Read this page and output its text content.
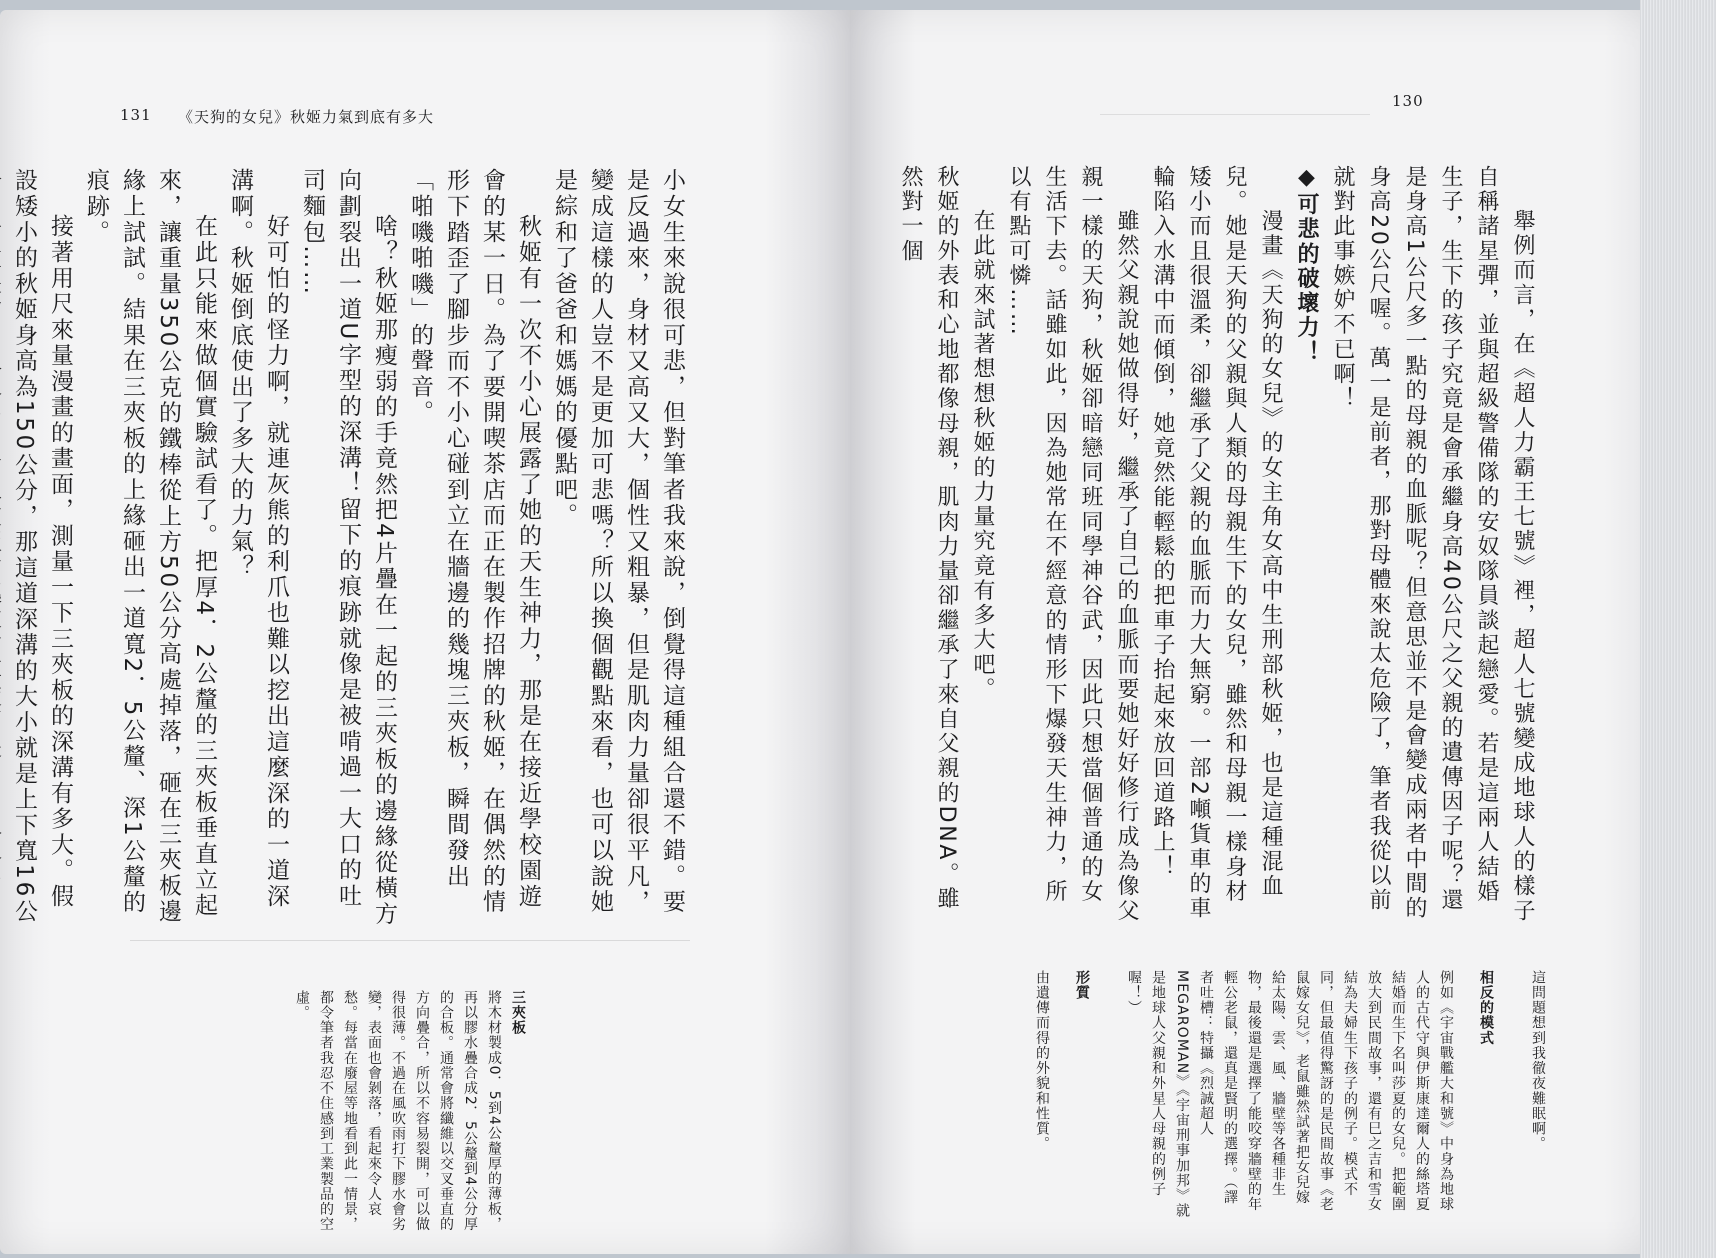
131 《天狗的女兒》秋姬力氣到底有多大

小女生來說很可悲，但對筆者我來說，倒覺得這種組合還不錯。要是反過來，身材又高又大，個性又粗暴，但是肌肉力量卻很平凡，變成這樣的人豈不是更加可悲嗎？所以換個觀點來看，也可以說她是綜和了爸爸和媽媽的優點吧。

秋姬有一次不小心展露了她的天生神力，那是在接近學校園遊會的某一日。為了要開喫茶店而正在製作招牌的秋姬，在偶然的情形下踏歪了腳步而不小心碰到立在牆邊的幾塊三夾板，瞬間發出「啪嘰啪嘰」的聲音。

啥？秋姬那瘦弱的手竟然把4片疊在一起的三夾板的邊緣從橫方向劃裂出一道U字型的深溝！留下的痕跡就像是被啃過一大口的吐司麵包……

好可怕的怪力啊，就連灰熊的利爪也難以挖出這麼深的一道深溝啊。秋姬倒底使出了多大的力氣？

在此只能來做個實驗試看了。把厚4．2公釐的三夾板垂直立起來，讓重量350公克的鐵棒從上方50公分高處掉落，砸在三夾板邊緣上試試。結果在三夾板的上緣砸出一道寬2．5公釐、深1公釐的痕跡。

接著用尺來量漫畫的畫面，測量一下三夾板的深溝有多大。假設矮小的秋姬身高為150公分，那這道深溝的大小就是上下寬16公

三夾板

將木材製成0．5到4公釐厚的薄板，再以膠水疊合成2．5公釐到4公分厚的合板。通常會將纖維以交叉垂直的方向疊合，所以不容易裂開，可以做得很薄。不過在風吹雨打下膠水會劣變，表面也會剝落，看起來令人哀愁。每當在廢屋等地看到此一情景，都令筆者我忍不住感到工業製品的空虛。

130

舉例而言，在《超人力霸王七號》裡，超人七號變成地球人的樣子自稱諸星彈，並與超級警備隊的安奴隊員談起戀愛。若是這兩人結婚生子，生下的孩子究竟是會承繼身高40公尺之父親的遺傳因子呢？還是身高1公尺多一點的母親的血脈呢？但意思並不是會變成兩者中間的身高20公尺喔。萬一是前者，那對母體來說太危險了，筆者我從以前就對此事嫉妒不已啊！

◆可悲的破壞力！

漫畫《天狗的女兒》的女主角女高中生刑部秋姬，也是這種混血兒。她是天狗的父親與人類的母親生下的女兒，雖然和母親一樣身材矮小而且很溫柔，卻繼承了父親的血脈而力大無窮。一部2噸貨車的車輪陷入水溝中而傾倒，她竟然能輕鬆的把車子抬起來放回道路上！

雖然父親說她做得好，繼承了自己的血脈而要她好好修行成為像父親一樣的天狗，秋姬卻暗戀同班同學神谷武，因此只想當個普通的女生活下去。話雖如此，因為她常在不經意的情形下爆發天生神力，所以有點可憐……

在此就來試著想想秋姬的力量究竟有多大吧。

秋姬的外表和心地都像母親，肌肉力量卻繼承了來自父親的DNA。雖然對一個

這問題想到我徹夜難眠啊。

相反的模式

例如《宇宙戰艦大和號》中身為地球人的古代守與伊斯康達爾人的絲塔夏結婚而生下名叫莎夏的女兒。把範圍放大到民間故事，還有巳之吉和雪女結為夫婦生下孩子的例子。模式不同，但最值得驚訝的是民間故事《老鼠嫁女兒》，老鼠雖然試著把女兒嫁給太陽、雲、風、牆壁等各種非生物，最後還是選擇了能咬穿牆壁的年輕公老鼠，還真是賢明的選擇。（譯者吐槽：特攝《烈誠超人MEGAROMAN》《宇宙刑事加邦》就是地球人父親和外星人母親的例子喔！）

形質

由遺傳而得的外貌和性質。
